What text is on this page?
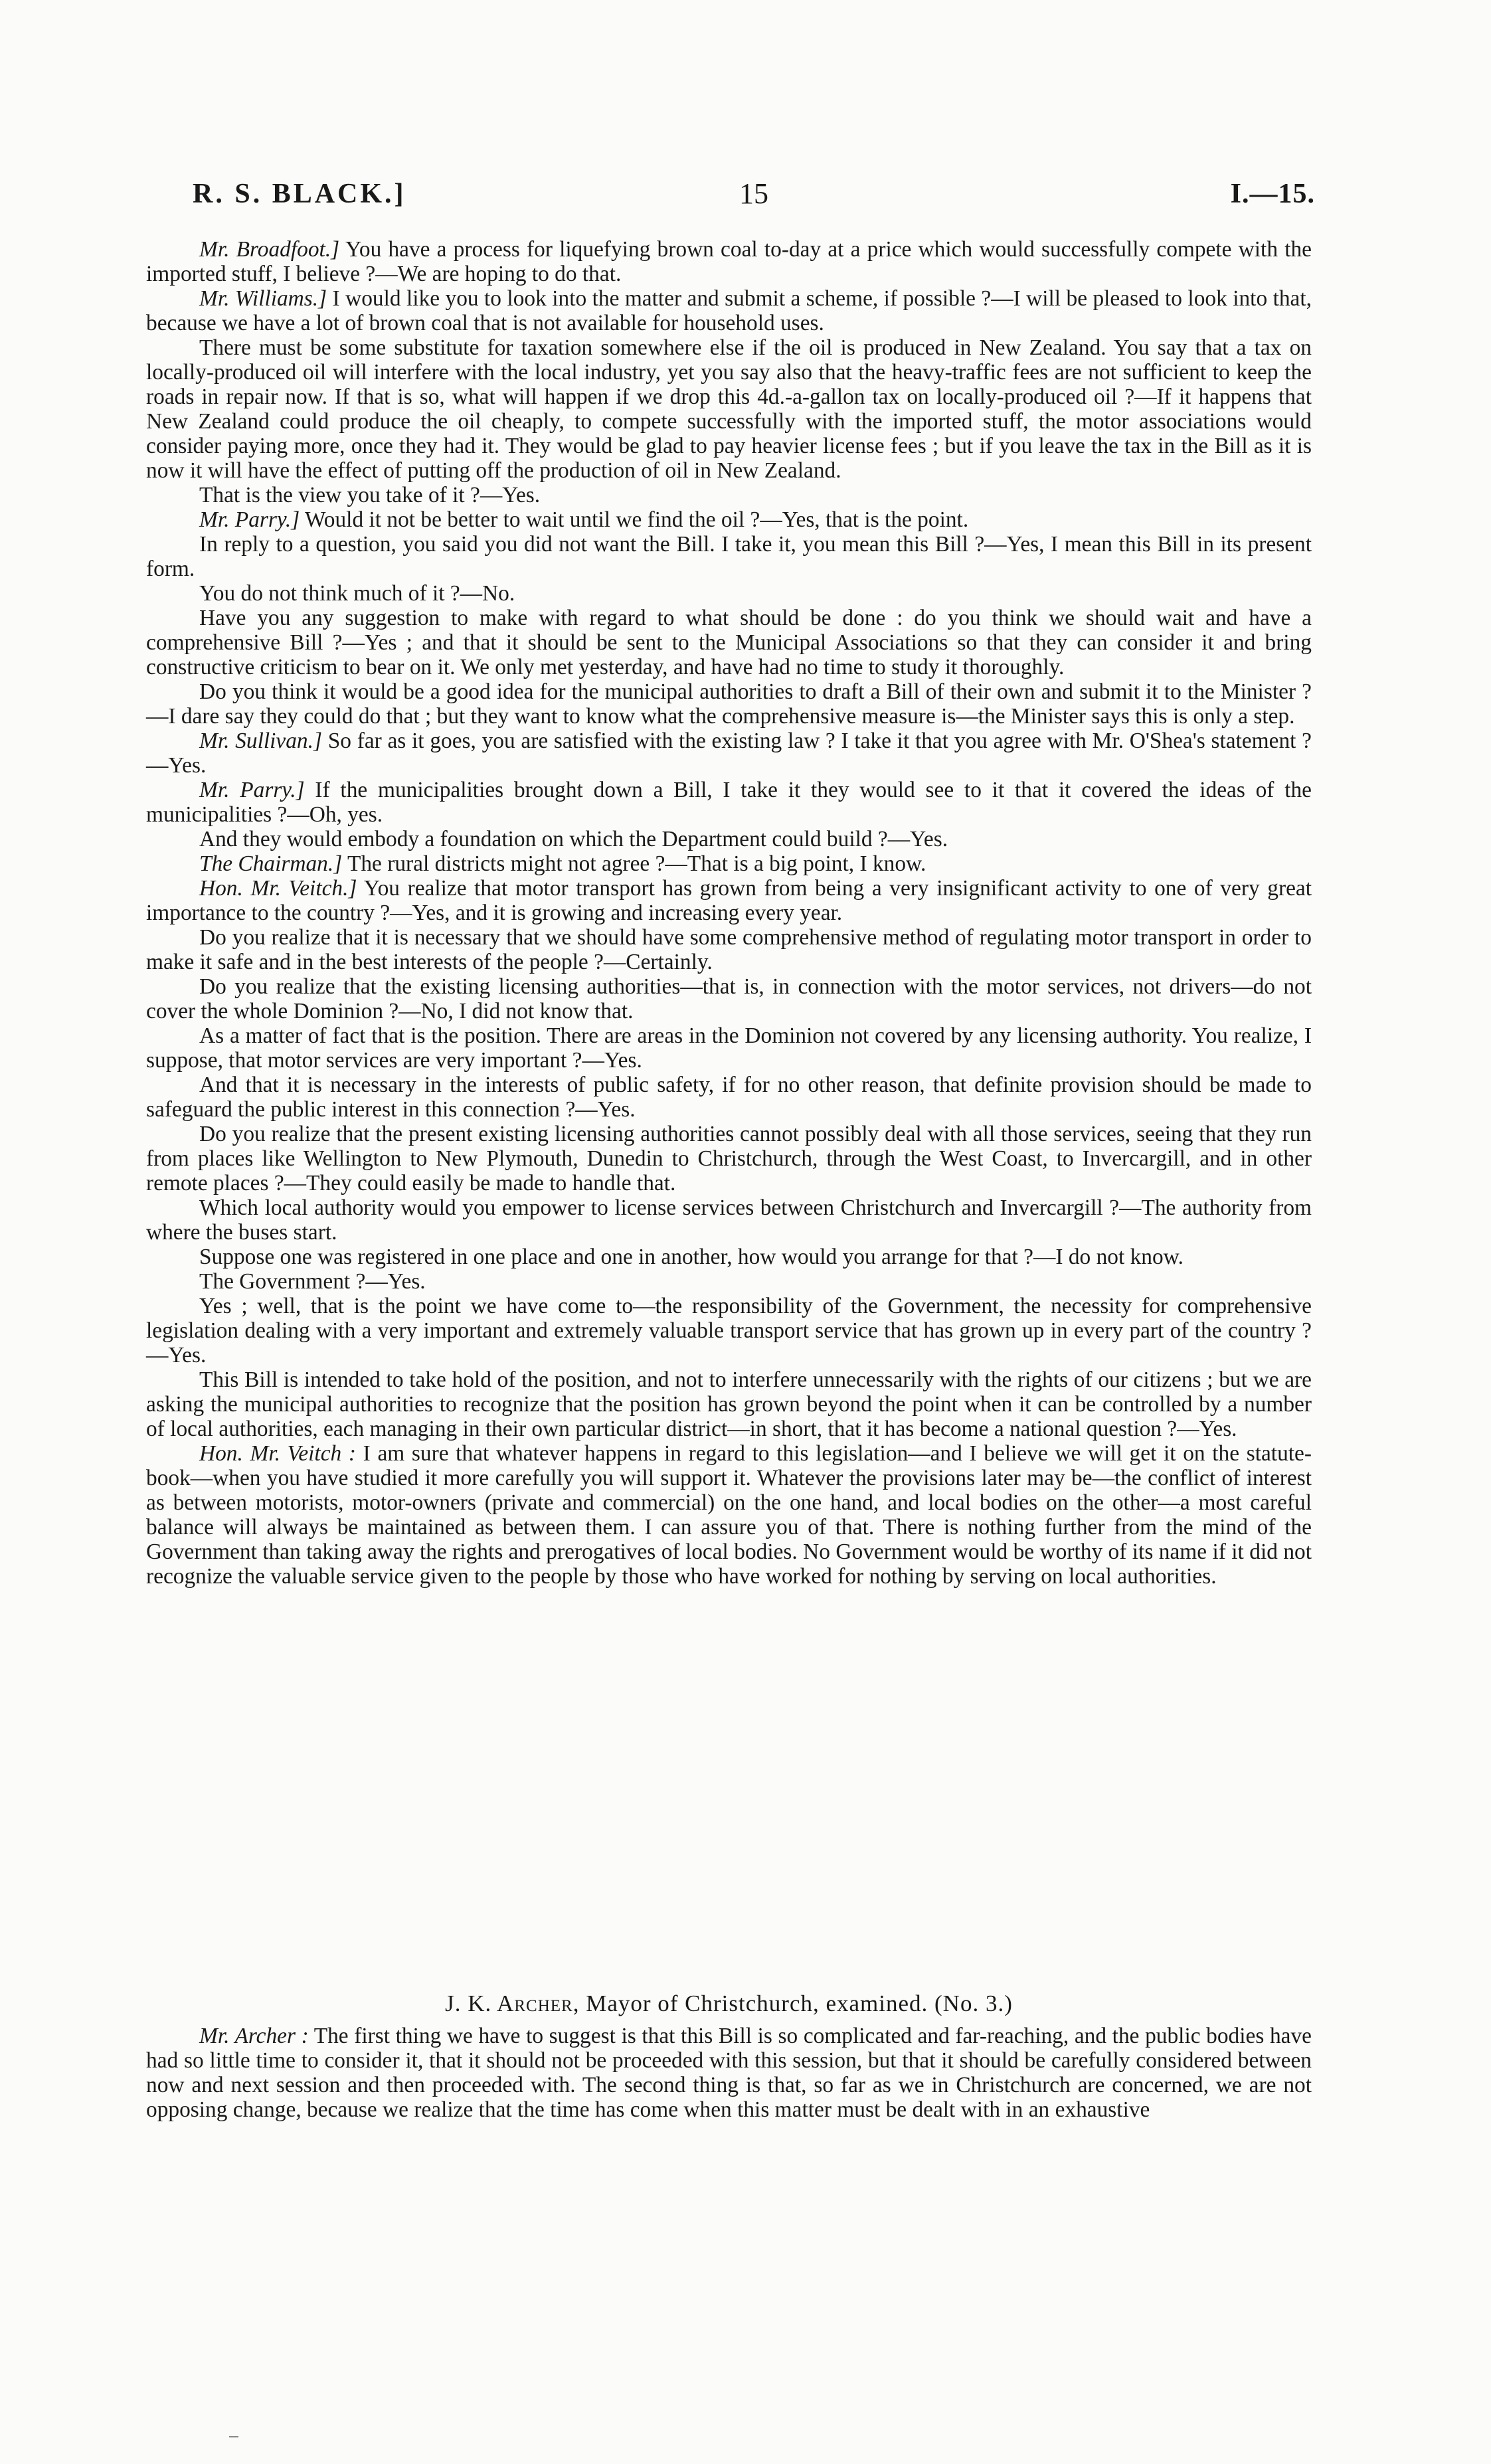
R. S. BLACK.]	15	I.—15.

Mr. Broadfoot.] You have a process for liquefying brown coal to-day at a price which would successfully compete with the imported stuff, I believe ?—We are hoping to do that.

Mr. Williams.] I would like you to look into the matter and submit a scheme, if possible ?—I will be pleased to look into that, because we have a lot of brown coal that is not available for household uses.

There must be some substitute for taxation somewhere else if the oil is produced in New Zealand. You say that a tax on locally-produced oil will interfere with the local industry, yet you say also that the heavy-traffic fees are not sufficient to keep the roads in repair now. If that is so, what will happen if we drop this 4d.-a-gallon tax on locally-produced oil ?—If it happens that New Zealand could produce the oil cheaply, to compete successfully with the imported stuff, the motor associations would consider paying more, once they had it. They would be glad to pay heavier license fees ; but if you leave the tax in the Bill as it is now it will have the effect of putting off the production of oil in New Zealand.

That is the view you take of it ?—Yes.

Mr. Parry.] Would it not be better to wait until we find the oil ?—Yes, that is the point.

In reply to a question, you said you did not want the Bill. I take it, you mean this Bill ?—Yes, I mean this Bill in its present form.

You do not think much of it ?—No.

Have you any suggestion to make with regard to what should be done : do you think we should wait and have a comprehensive Bill ?—Yes ; and that it should be sent to the Municipal Associations so that they can consider it and bring constructive criticism to bear on it. We only met yesterday, and have had no time to study it thoroughly.

Do you think it would be a good idea for the municipal authorities to draft a Bill of their own and submit it to the Minister ?—I dare say they could do that ; but they want to know what the comprehensive measure is—the Minister says this is only a step.

Mr. Sullivan.] So far as it goes, you are satisfied with the existing law ? I take it that you agree with Mr. O'Shea's statement ?—Yes.

Mr. Parry.] If the municipalities brought down a Bill, I take it they would see to it that it covered the ideas of the municipalities ?—Oh, yes.

And they would embody a foundation on which the Department could build ?—Yes.

The Chairman.] The rural districts might not agree ?—That is a big point, I know.

Hon. Mr. Veitch.] You realize that motor transport has grown from being a very insignificant activity to one of very great importance to the country ?—Yes, and it is growing and increasing every year.

Do you realize that it is necessary that we should have some comprehensive method of regulating motor transport in order to make it safe and in the best interests of the people ?—Certainly.

Do you realize that the existing licensing authorities—that is, in connection with the motor services, not drivers—do not cover the whole Dominion ?—No, I did not know that.

As a matter of fact that is the position. There are areas in the Dominion not covered by any licensing authority. You realize, I suppose, that motor services are very important ?—Yes.

And that it is necessary in the interests of public safety, if for no other reason, that definite provision should be made to safeguard the public interest in this connection ?—Yes.

Do you realize that the present existing licensing authorities cannot possibly deal with all those services, seeing that they run from places like Wellington to New Plymouth, Dunedin to Christchurch, through the West Coast, to Invercargill, and in other remote places ?—They could easily be made to handle that.

Which local authority would you empower to license services between Christchurch and Invercargill ?—The authority from where the buses start.

Suppose one was registered in one place and one in another, how would you arrange for that ?—I do not know.

The Government ?—Yes.

Yes ; well, that is the point we have come to—the responsibility of the Government, the necessity for comprehensive legislation dealing with a very important and extremely valuable transport service that has grown up in every part of the country ?—Yes.

This Bill is intended to take hold of the position, and not to interfere unnecessarily with the rights of our citizens ; but we are asking the municipal authorities to recognize that the position has grown beyond the point when it can be controlled by a number of local authorities, each managing in their own particular district—in short, that it has become a national question ?—Yes.

Hon. Mr. Veitch : I am sure that whatever happens in regard to this legislation—and I believe we will get it on the statute-book—when you have studied it more carefully you will support it. Whatever the provisions later may be—the conflict of interest as between motorists, motor-owners (private and commercial) on the one hand, and local bodies on the other—a most careful balance will always be maintained as between them. I can assure you of that. There is nothing further from the mind of the Government than taking away the rights and prerogatives of local bodies. No Government would be worthy of its name if it did not recognize the valuable service given to the people by those who have worked for nothing by serving on local authorities.

J. K. Archer, Mayor of Christchurch, examined. (No. 3.)

Mr. Archer : The first thing we have to suggest is that this Bill is so complicated and far-reaching, and the public bodies have had so little time to consider it, that it should not be proceeded with this session, but that it should be carefully considered between now and next session and then proceeded with. The second thing is that, so far as we in Christchurch are concerned, we are not opposing change, because we realize that the time has come when this matter must be dealt with in an exhaustive
